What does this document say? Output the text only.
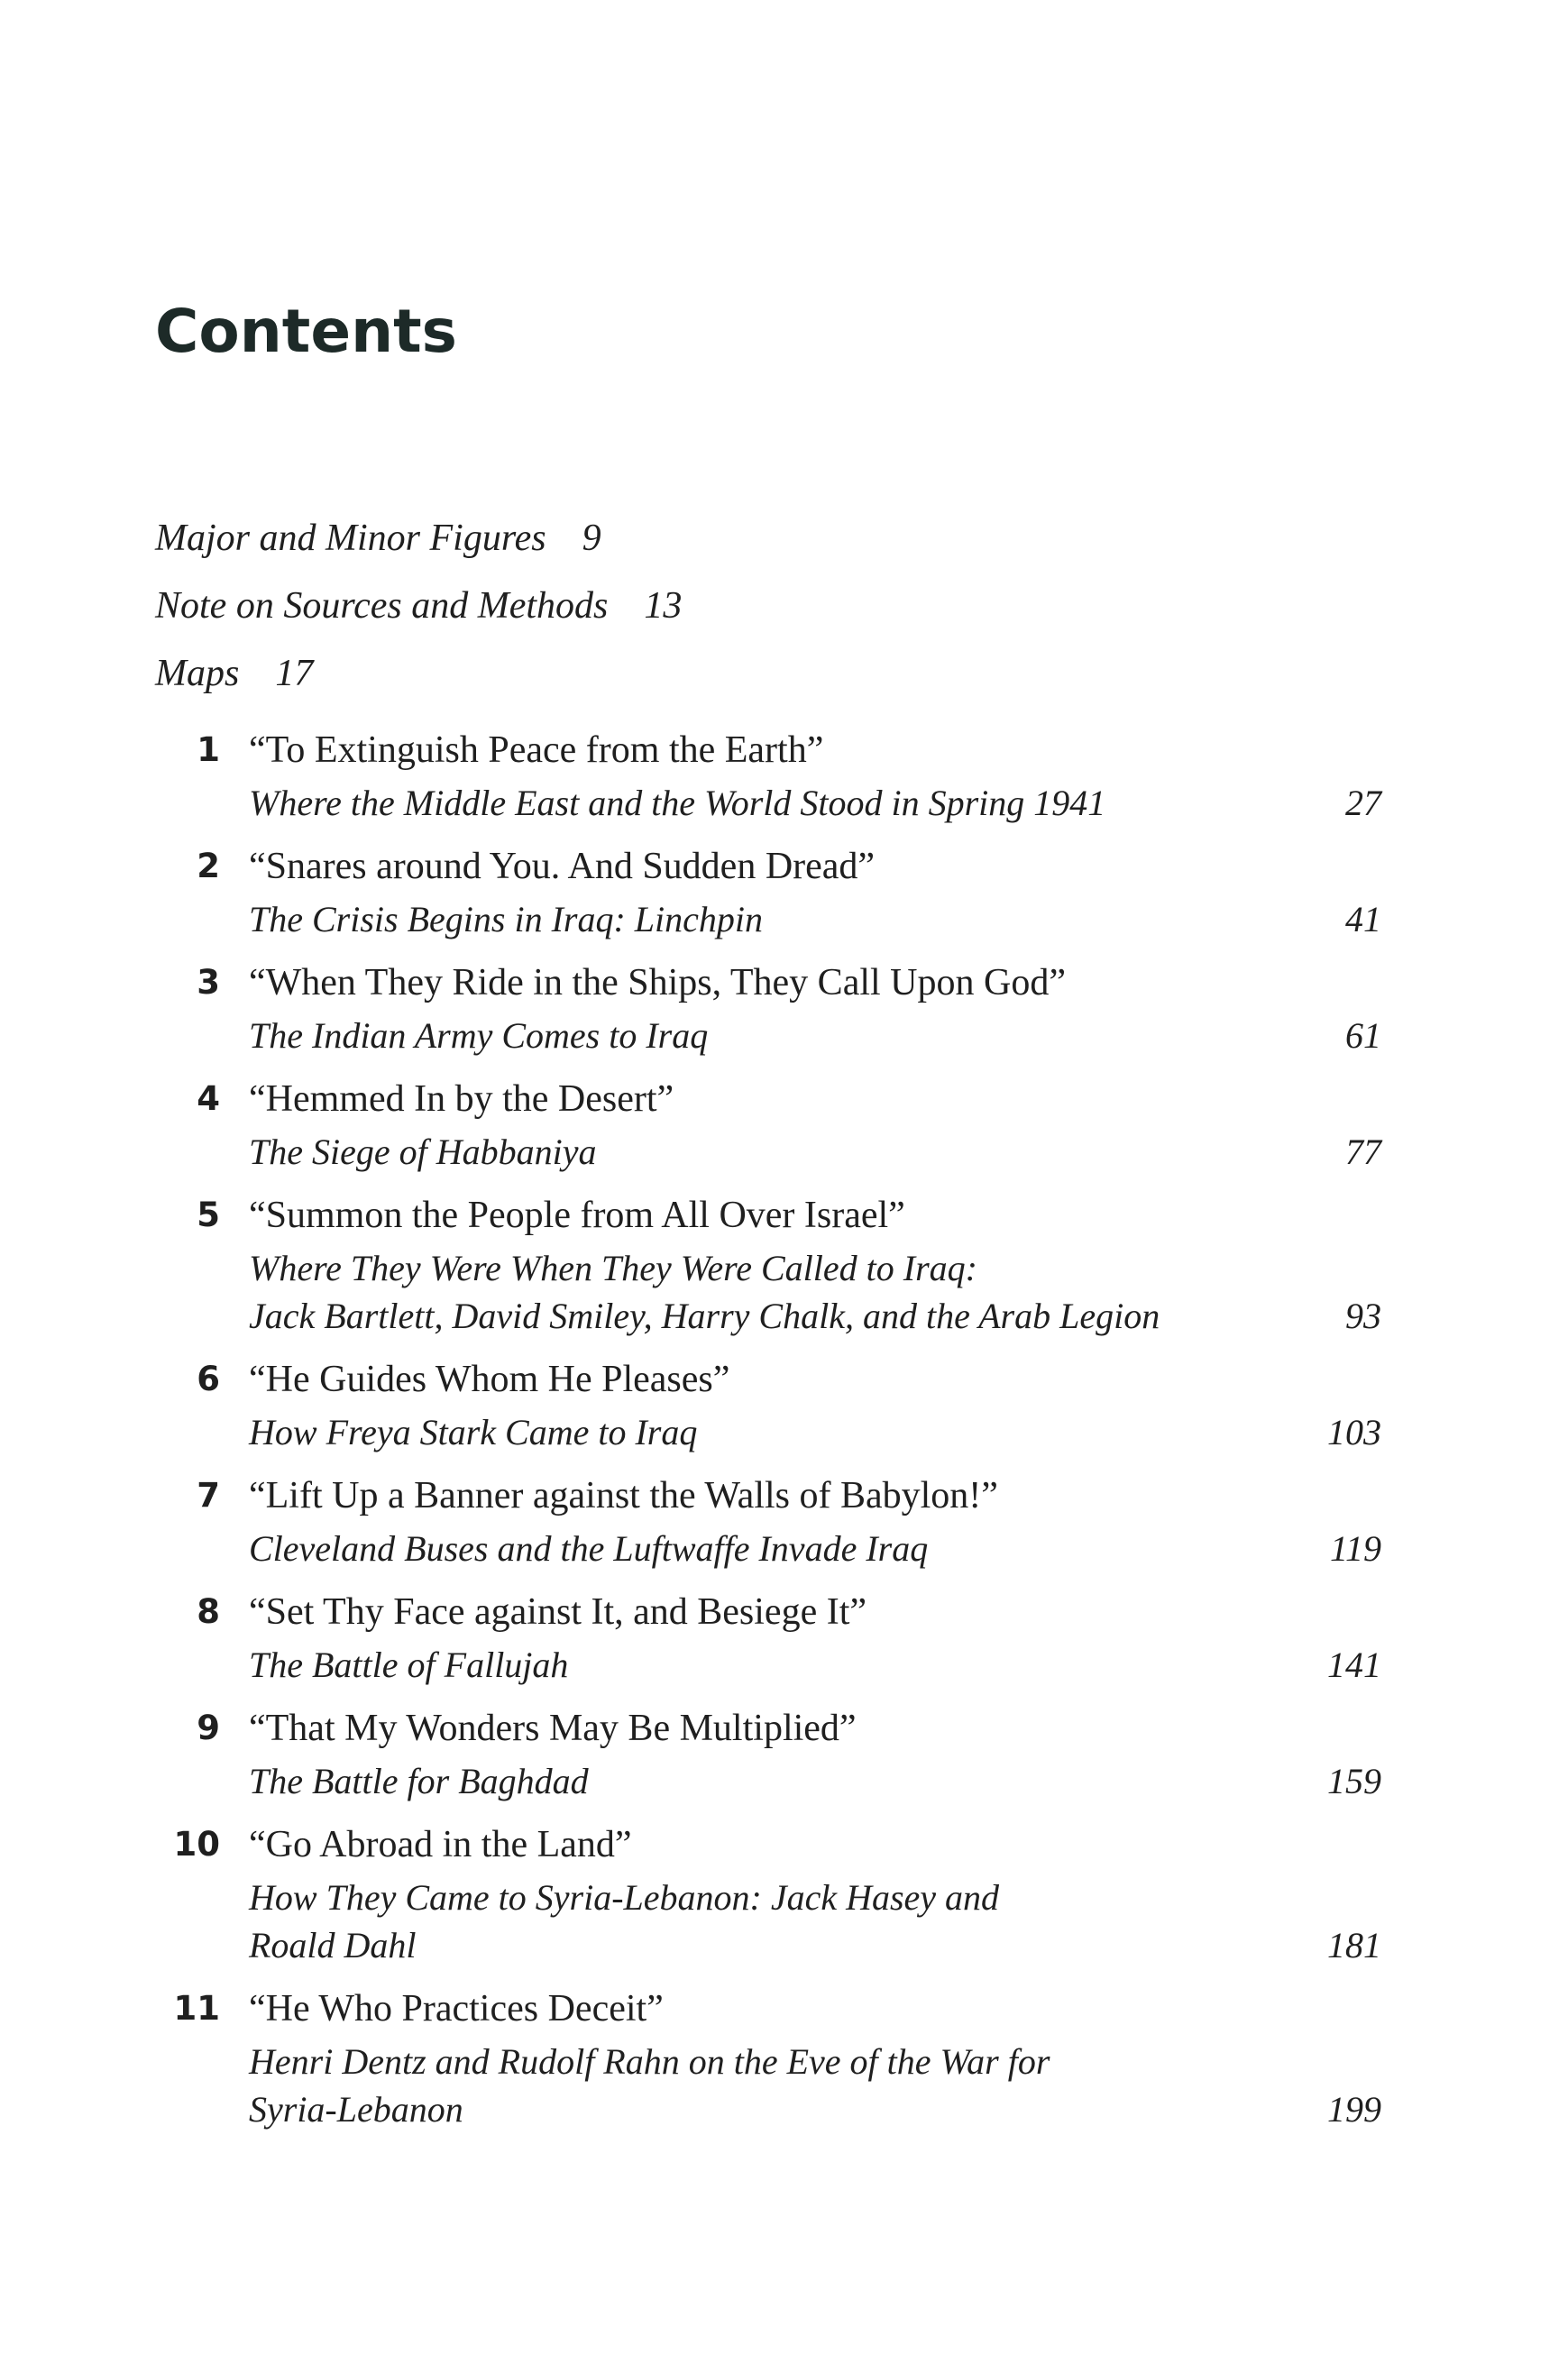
Contents
Major and Minor Figures 9
Note on Sources and Methods 13
Maps 17
1 “To Extinguish Peace from the Earth”
Where the Middle East and the World Stood in Spring 1941	27
2 “Snares around You. And Sudden Dread”
The Crisis Begins in Iraq: Linchpin	41
3 “When They Ride in the Ships, They Call Upon God”
The Indian Army Comes to Iraq	61
4 “Hemmed In by the Desert”
The Siege of Habbaniya	77
5 “Summon the People from All Over Israel”
Where They Were When They Were Called to Iraq:
Jack Bartlett, David Smiley, Harry Chalk, and the Arab Legion	93
6 “He Guides Whom He Pleases”
How Freya Stark Came to Iraq	103
7 “Lift Up a Banner against the Walls of Babylon!”
Cleveland Buses and the Luftwaffe Invade Iraq	119
8 “Set Thy Face against It, and Besiege It”
The Battle of Fallujah	141
9 “That My Wonders May Be Multiplied”
The Battle for Baghdad	159
10 “Go Abroad in the Land”
How They Came to Syria-Lebanon: Jack Hasey and
Roald Dahl	181
11 “He Who Practices Deceit”
Henri Dentz and Rudolf Rahn on the Eve of the War for
Syria-Lebanon	199
